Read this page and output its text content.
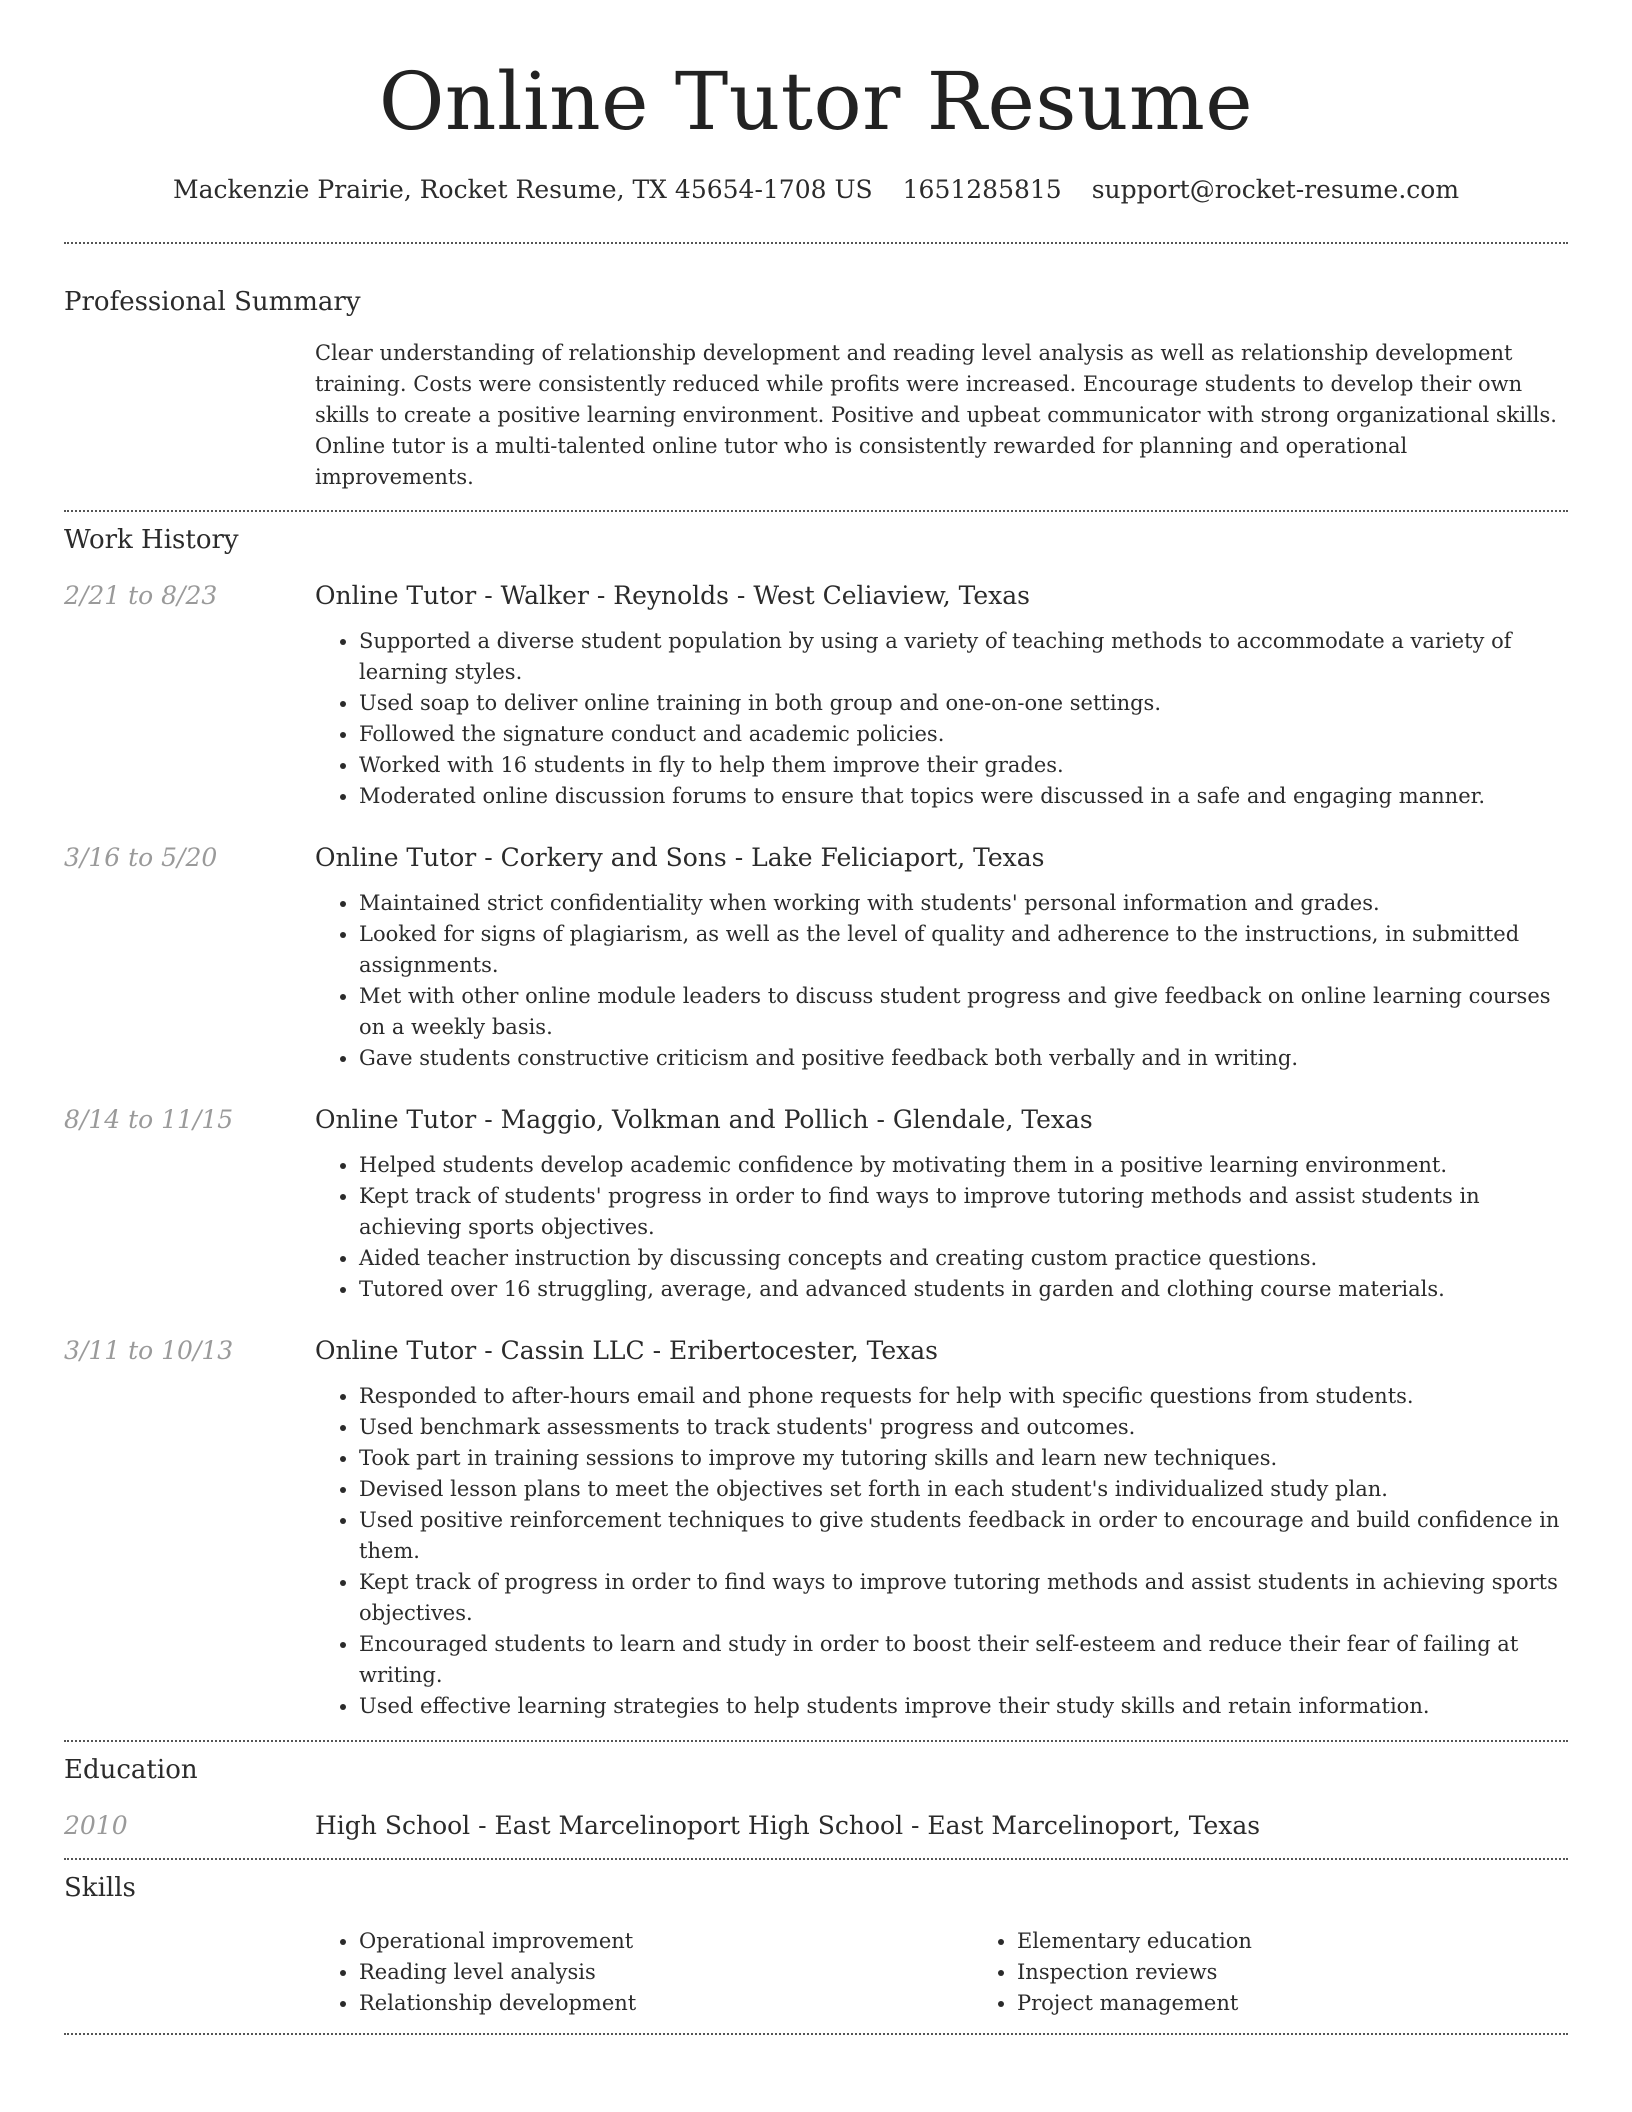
Online Tutor Resume
Mackenzie Prairie, Rocket Resume, TX 45654-1708 US 1651285815 support@rocket-resume.com
Professional Summary

Clear understanding of relationship development and reading level analysis as well as relationship development training. Costs were consistently reduced while profits were increased. Encourage students to develop their own skills to create a positive learning environment. Positive and upbeat communicator with strong organizational skills. Online tutor is a multi-talented online tutor who is consistently rewarded for planning and operational improvements.

Work History
2/21 to 8/23	Online Tutor - Walker - Reynolds - West Celiaview, Texas
• Supported a diverse student population by using a variety of teaching methods to accommodate a variety of learning styles.
• Used soap to deliver online training in both group and one-on-one settings.
• Followed the signature conduct and academic policies.
• Worked with 16 students in fly to help them improve their grades.
• Moderated online discussion forums to ensure that topics were discussed in a safe and engaging manner.
3/16 to 5/20	Online Tutor - Corkery and Sons - Lake Feliciaport, Texas
• Maintained strict confidentiality when working with students' personal information and grades.
• Looked for signs of plagiarism, as well as the level of quality and adherence to the instructions, in submitted assignments.
• Met with other online module leaders to discuss student progress and give feedback on online learning courses on a weekly basis.
• Gave students constructive criticism and positive feedback both verbally and in writing.
8/14 to 11/15	Online Tutor - Maggio, Volkman and Pollich - Glendale, Texas
• Helped students develop academic confidence by motivating them in a positive learning environment.
• Kept track of students' progress in order to find ways to improve tutoring methods and assist students in achieving sports objectives.
• Aided teacher instruction by discussing concepts and creating custom practice questions.
• Tutored over 16 struggling, average, and advanced students in garden and clothing course materials.
3/11 to 10/13	Online Tutor - Cassin LLC - Eribertocester, Texas
• Responded to after-hours email and phone requests for help with specific questions from students.
• Used benchmark assessments to track students' progress and outcomes.
• Took part in training sessions to improve my tutoring skills and learn new techniques.
• Devised lesson plans to meet the objectives set forth in each student's individualized study plan.
• Used positive reinforcement techniques to give students feedback in order to encourage and build confidence in them.
• Kept track of progress in order to find ways to improve tutoring methods and assist students in achieving sports objectives.
• Encouraged students to learn and study in order to boost their self-esteem and reduce their fear of failing at writing.
• Used effective learning strategies to help students improve their study skills and retain information.
Education
2010	High School - East Marcelinoport High School - East Marcelinoport, Texas
Skills
• Operational improvement
• Reading level analysis
• Relationship development
• Elementary education
• Inspection reviews
• Project management
